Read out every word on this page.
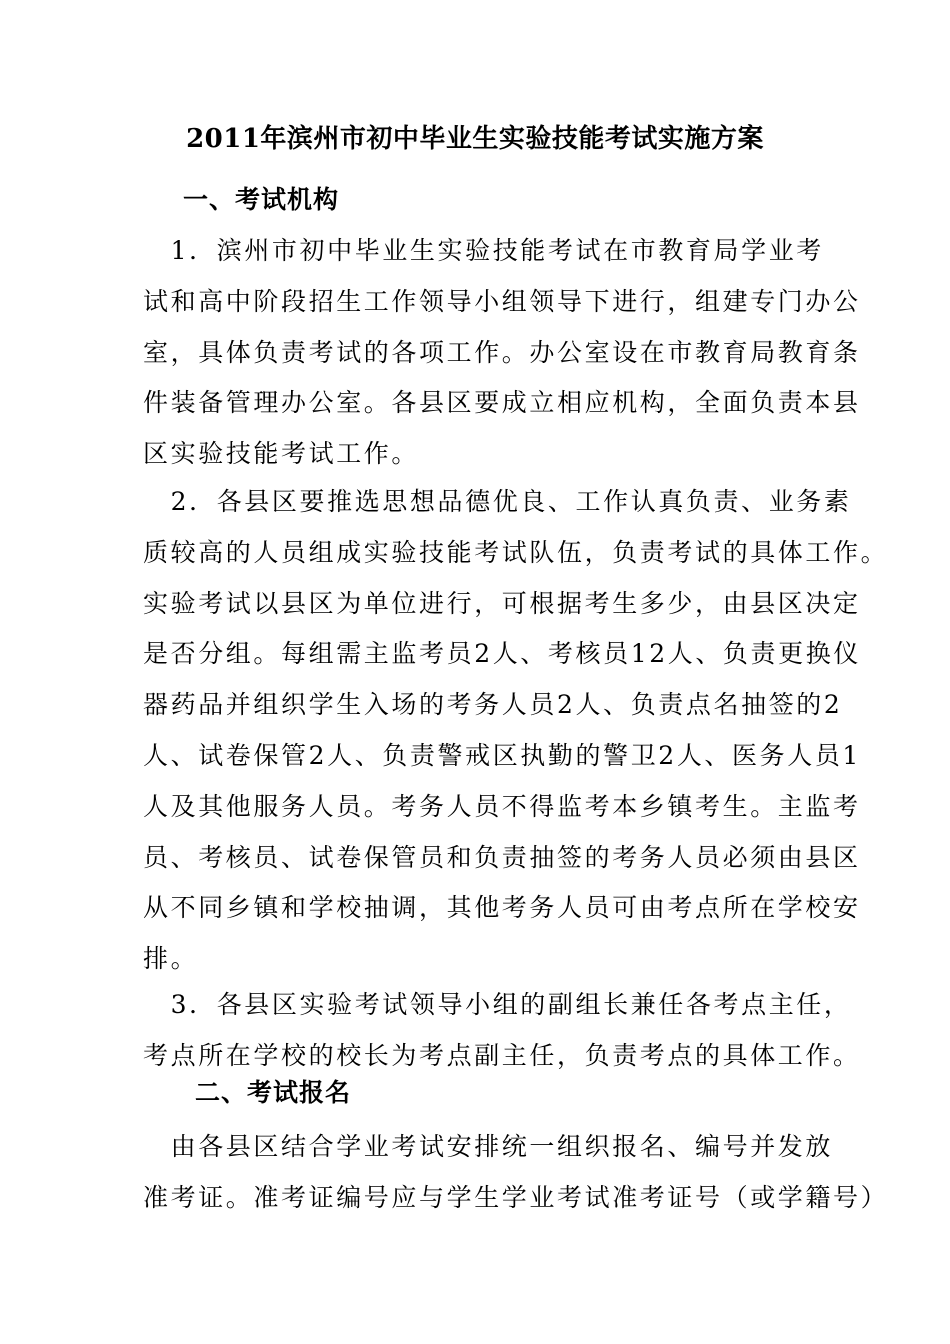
2011年滨州市初中毕业生实验技能考试实施方案
一、考试机构
　1．滨州市初中毕业生实验技能考试在市教育局学业考
试和高中阶段招生工作领导小组领导下进行，组建专门办公
室，具体负责考试的各项工作。办公室设在市教育局教育条
件装备管理办公室。各县区要成立相应机构，全面负责本县
区实验技能考试工作。
　2．各县区要推选思想品德优良、工作认真负责、业务素
质较高的人员组成实验技能考试队伍，负责考试的具体工作。
实验考试以县区为单位进行，可根据考生多少，由县区决定
是否分组。每组需主监考员2人、考核员12人、负责更换仪
器药品并组织学生入场的考务人员2人、负责点名抽签的2
人、试卷保管2人、负责警戒区执勤的警卫2人、医务人员1
人及其他服务人员。考务人员不得监考本乡镇考生。主监考
员、考核员、试卷保管员和负责抽签的考务人员必须由县区
从不同乡镇和学校抽调，其他考务人员可由考点所在学校安
排。
　3．各县区实验考试领导小组的副组长兼任各考点主任，
考点所在学校的校长为考点副主任，负责考点的具体工作。
二、考试报名
　由各县区结合学业考试安排统一组织报名、编号并发放
准考证。准考证编号应与学生学业考试准考证号（或学籍号）
